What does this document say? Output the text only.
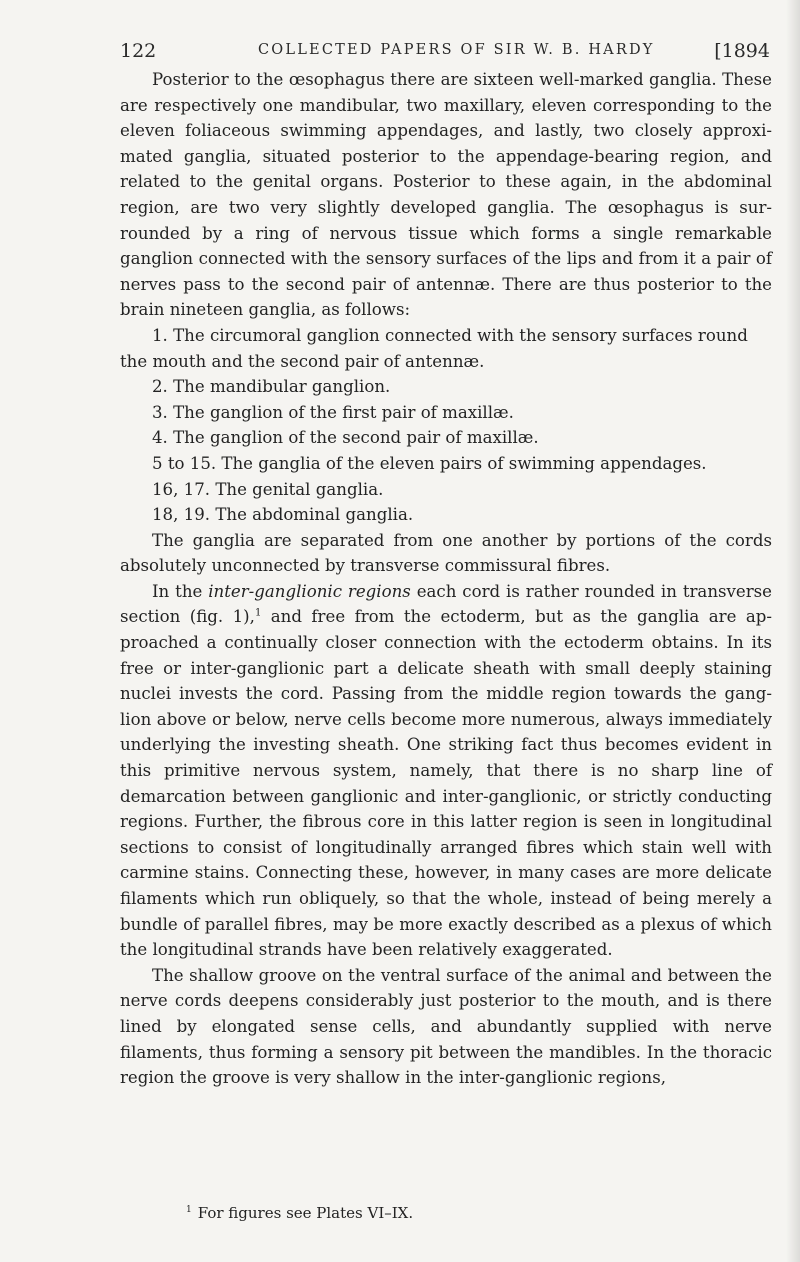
122	COLLECTED PAPERS OF SIR W. B. HARDY	[1894

Posterior to the œsophagus there are sixteen well-marked ganglia. These are respectively one mandibular, two maxillary, eleven corresponding to the eleven foliaceous swimming appendages, and lastly, two closely approxi-mated ganglia, situated posterior to the appendage-bearing region, and related to the genital organs. Posterior to these again, in the abdominal region, are two very slightly developed ganglia. The œsophagus is sur-rounded by a ring of nervous tissue which forms a single remarkable ganglion connected with the sensory surfaces of the lips and from it a pair of nerves pass to the second pair of antennæ. There are thus posterior to the brain nineteen ganglia, as follows:

1. The circumoral ganglion connected with the sensory surfaces round the mouth and the second pair of antennæ.

2. The mandibular ganglion.

3. The ganglion of the first pair of maxillæ.

4. The ganglion of the second pair of maxillæ.

5 to 15. The ganglia of the eleven pairs of swimming appendages.

16, 17. The genital ganglia.

18, 19. The abdominal ganglia.

The ganglia are separated from one another by portions of the cords absolutely unconnected by transverse commissural fibres.

In the inter-ganglionic regions each cord is rather rounded in transverse section (fig. 1),$^1$ and free from the ectoderm, but as the ganglia are ap-proached a continually closer connection with the ectoderm obtains. In its free or inter-ganglionic part a delicate sheath with small deeply staining nuclei invests the cord. Passing from the middle region towards the gang-lion above or below, nerve cells become more numerous, always immediately underlying the investing sheath. One striking fact thus becomes evident in this primitive nervous system, namely, that there is no sharp line of demarcation between ganglionic and inter-ganglionic, or strictly conducting regions. Further, the fibrous core in this latter region is seen in longitudinal sections to consist of longitudinally arranged fibres which stain well with carmine stains. Connecting these, however, in many cases are more delicate filaments which run obliquely, so that the whole, instead of being merely a bundle of parallel fibres, may be more exactly described as a plexus of which the longitudinal strands have been relatively exaggerated.

The shallow groove on the ventral surface of the animal and between the nerve cords deepens considerably just posterior to the mouth, and is there lined by elongated sense cells, and abundantly supplied with nerve filaments, thus forming a sensory pit between the mandibles. In the thoracic region the groove is very shallow in the inter-ganglionic regions,

$^1$ For figures see Plates VI–IX.
